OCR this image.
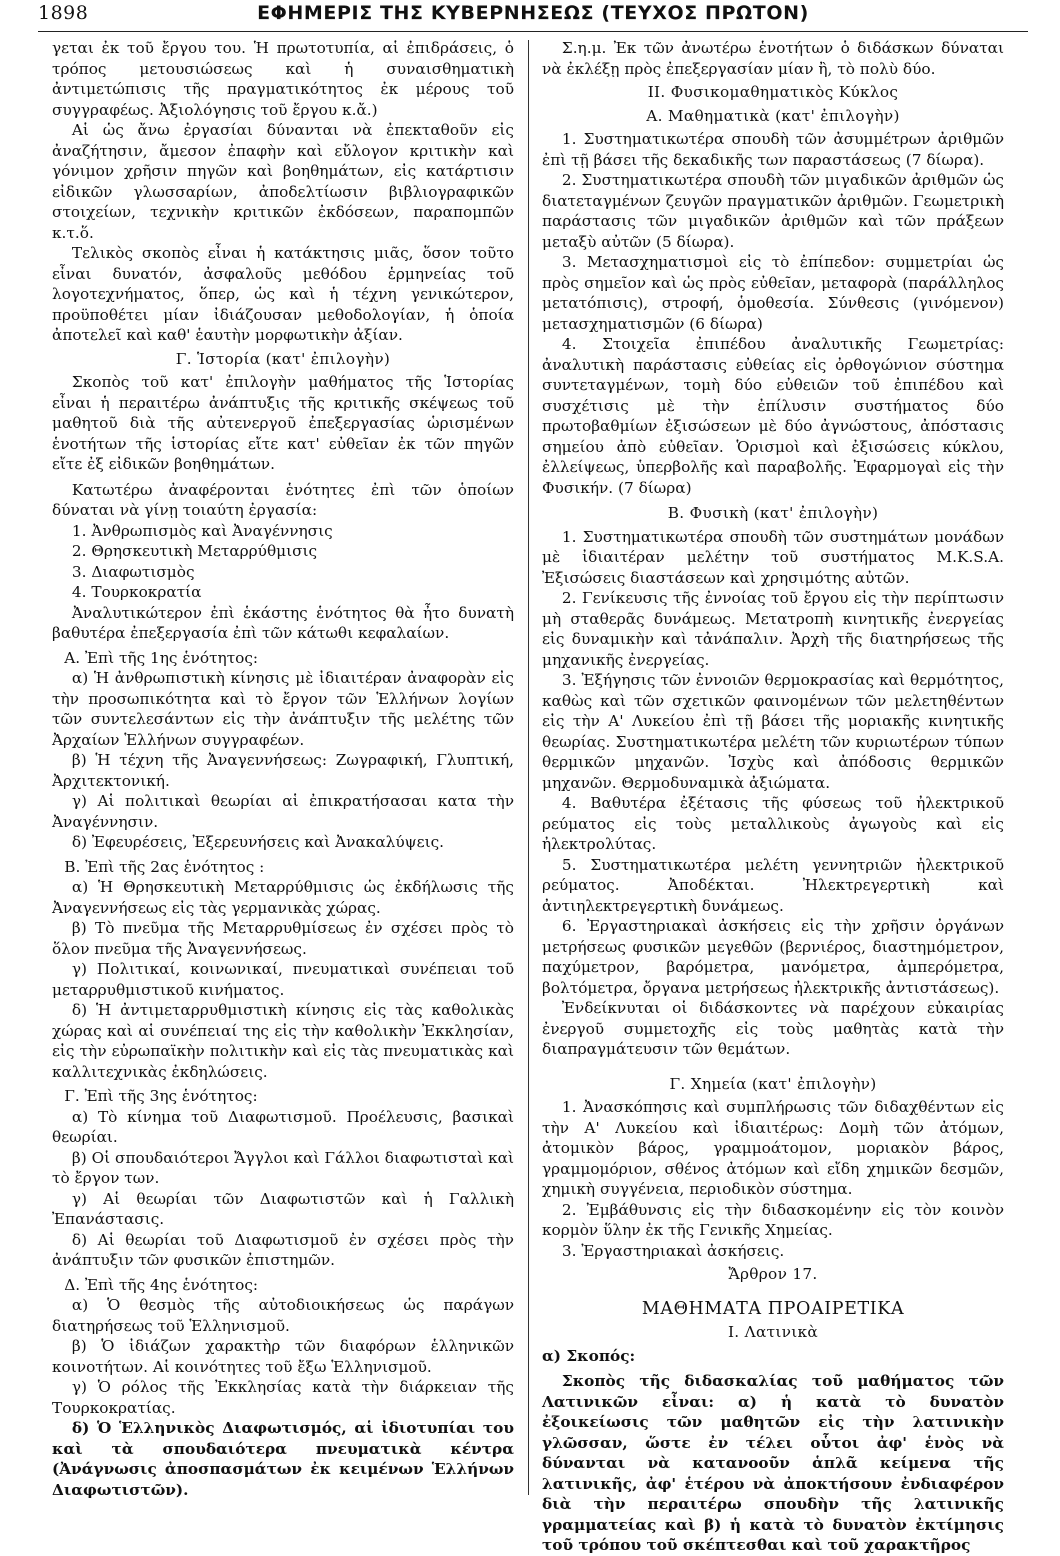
1898	ΕΦΗΜΕΡΙΣ ΤΗΣ ΚΥΒΕΡΝΗΣΕΩΣ (ΤΕΥΧΟΣ ΠΡΩΤΟΝ)

γεται ἐκ τοῦ ἔργου του. Ἡ πρωτοτυπία, αἱ ἐπιδράσεις, ὁ τρόπος μετουσιώσεως καὶ ἡ συναισθηματικὴ ἀντιμετώπισις τῆς πραγματικότητος ἐκ μέρους τοῦ συγγραφέως. Ἀξιολόγησις τοῦ ἔργου κ.ἄ.)

Αἱ ὡς ἄνω ἐργασίαι δύνανται νὰ ἐπεκταθοῦν εἰς ἀναζήτησιν, ἄμεσον ἐπαφὴν καὶ εὔλογον κριτικὴν καὶ γόνιμον χρῆσιν πηγῶν καὶ βοηθημάτων, εἰς κατάρτισιν εἰδικῶν γλωσσαρίων, ἀποδελτίωσιν βιβλιογραφικῶν στοιχείων, τεχνικὴν κριτικῶν ἐκδόσεων, παραπομπῶν κ.τ.ὅ.

Τελικὸς σκοπὸς εἶναι ἡ κατάκτησις μιᾶς, ὅσον τοῦτο εἶναι δυνατόν, ἀσφαλοῦς μεθόδου ἑρμηνείας τοῦ λογοτεχνήματος, ὅπερ, ὡς καὶ ἡ τέχνη γενικώτερον, προϋποθέτει μίαν ἰδιάζουσαν μεθοδολογίαν, ἡ ὁποία ἀποτελεῖ καὶ καθ' ἑαυτὴν μορφωτικὴν ἀξίαν.

Γ. Ἱστορία (κατ' ἐπιλογὴν)

Σκοπὸς τοῦ κατ' ἐπιλογὴν μαθήματος τῆς Ἱστορίας εἶναι ἡ περαιτέρω ἀνάπτυξις τῆς κριτικῆς σκέψεως τοῦ μαθητοῦ διὰ τῆς αὐτενεργοῦ ἐπεξεργασίας ὡρισμένων ἑνοτήτων τῆς ἱστορίας εἴτε κατ' εὐθεῖαν ἐκ τῶν πηγῶν εἴτε ἐξ εἰδικῶν βοηθημάτων.

Κατωτέρω ἀναφέρονται ἑνότητες ἐπὶ τῶν ὁποίων δύναται νὰ γίνῃ τοιαύτη ἐργασία:

1. Ἀνθρωπισμὸς καὶ Ἀναγέννησις

2. Θρησκευτικὴ Μεταρρύθμισις

3. Διαφωτισμὸς

4. Τουρκοκρατία

Ἀναλυτικώτερον ἐπὶ ἑκάστης ἑνότητος θὰ ἦτο δυνατὴ βαθυτέρα ἐπεξεργασία ἐπὶ τῶν κάτωθι κεφαλαίων.

Α. Ἐπὶ τῆς 1ης ἑνότητος:

α) Ἡ ἀνθρωπιστικὴ κίνησις μὲ ἰδιαιτέραν ἀναφορὰν εἰς τὴν προσωπικότητα καὶ τὸ ἔργον τῶν Ἑλλήνων λογίων τῶν συντελεσάντων εἰς τὴν ἀνάπτυξιν τῆς μελέτης τῶν Ἀρχαίων Ἑλλήνων συγγραφέων.

β) Ἡ τέχνη τῆς Ἀναγεννήσεως: Ζωγραφική, Γλυπτική, Ἀρχιτεκτονική.

γ) Αἱ πολιτικαὶ θεωρίαι αἱ ἐπικρατήσασαι κατα τὴν Ἀναγέννησιν.

δ) Ἐφευρέσεις, Ἐξερευνήσεις καὶ Ἀνακαλύψεις.

Β. Ἐπὶ τῆς 2ας ἑνότητος :

α) Ἡ Θρησκευτικὴ Μεταρρύθμισις ὡς ἐκδήλωσις τῆς Ἀναγεννήσεως εἰς τὰς γερμανικὰς χώρας.

β) Τὸ πνεῦμα τῆς Μεταρρυθμίσεως ἐν σχέσει πρὸς τὸ ὅλον πνεῦμα τῆς Ἀναγεννήσεως.

γ) Πολιτικαί, κοινωνικαί, πνευματικαὶ συνέπειαι τοῦ μεταρρυθμιστικοῦ κινήματος.

δ) Ἡ ἀντιμεταρρυθμιστικὴ κίνησις εἰς τὰς καθολικὰς χώρας καὶ αἱ συνέπειαί της εἰς τὴν καθολικὴν Ἐκκλησίαν, εἰς τὴν εὐρωπαϊκὴν πολιτικὴν καὶ εἰς τὰς πνευματικὰς καὶ καλλιτεχνικὰς ἐκδηλώσεις.

Γ. Ἐπὶ τῆς 3ης ἑνότητος:

α) Τὸ κίνημα τοῦ Διαφωτισμοῦ. Προέλευσις, βασικαὶ θεωρίαι.

β) Οἱ σπουδαιότεροι Ἄγγλοι καὶ Γάλλοι διαφωτισταὶ καὶ τὸ ἔργον των.

γ) Αἱ θεωρίαι τῶν Διαφωτιστῶν καὶ ἡ Γαλλικὴ Ἐπανάστασις.

δ) Αἱ θεωρίαι τοῦ Διαφωτισμοῦ ἐν σχέσει πρὸς τὴν ἀνάπτυξιν τῶν φυσικῶν ἐπιστημῶν.

Δ. Ἐπὶ τῆς 4ης ἑνότητος:

α) Ὁ θεσμὸς τῆς αὐτοδιοικήσεως ὡς παράγων διατηρήσεως τοῦ Ἑλληνισμοῦ.

β) Ὁ ἰδιάζων χαρακτὴρ τῶν διαφόρων ἑλληνικῶν κοινοτήτων. Αἱ κοινότητες τοῦ ἔξω Ἑλληνισμοῦ.

γ) Ὁ ρόλος τῆς Ἐκκλησίας κατὰ τὴν διάρκειαν τῆς Τουρκοκρατίας.

δ) Ὁ Ἑλληνικὸς Διαφωτισμός, αἱ ἰδιοτυπίαι του καὶ τὰ σπουδαιότερα πνευματικὰ κέντρα (Ἀνάγνωσις ἀποσπασμάτων ἐκ κειμένων Ἑλλήνων Διαφωτιστῶν).

Σ.η.μ. Ἐκ τῶν ἀνωτέρω ἑνοτήτων ὁ διδάσκων δύναται νὰ ἐκλέξῃ πρὸς ἐπεξεργασίαν μίαν ἢ, τὸ πολὺ δύο.

ΙΙ. Φυσικομαθηματικὸς Κύκλος

Α. Μαθηματικὰ (κατ' ἐπιλογὴν)

1. Συστηματικωτέρα σπουδὴ τῶν ἀσυμμέτρων ἀριθμῶν ἐπὶ τῇ βάσει τῆς δεκαδικῆς των παραστάσεως (7 δίωρα).

2. Συστηματικωτέρα σπουδὴ τῶν μιγαδικῶν ἀριθμῶν ὡς διατεταγμένων ζευγῶν πραγματικῶν ἀριθμῶν. Γεωμετρικὴ παράστασις τῶν μιγαδικῶν ἀριθμῶν καὶ τῶν πράξεων μεταξὺ αὐτῶν (5 δίωρα).

3. Μετασχηματισμοὶ εἰς τὸ ἐπίπεδον: συμμετρίαι ὡς πρὸς σημεῖον καὶ ὡς πρὸς εὐθεῖαν, μεταφορὰ (παράλληλος μετατόπισις), στροφή, ὁμοθεσία. Σύνθεσις (γινόμενον) μετασχηματισμῶν (6 δίωρα)

4. Στοιχεῖα ἐπιπέδου ἀναλυτικῆς Γεωμετρίας: ἀναλυτικὴ παράστασις εὐθείας εἰς ὀρθογώνιον σύστημα συντεταγμένων, τομὴ δύο εὐθειῶν τοῦ ἐπιπέδου καὶ συσχέτισις μὲ τὴν ἐπίλυσιν συστήματος δύο πρωτοβαθμίων ἐξισώσεων μὲ δύο ἀγνώστους, ἀπόστασις σημείου ἀπὸ εὐθεῖαν. Ὁρισμοὶ καὶ ἐξισώσεις κύκλου, ἐλλείψεως, ὑπερβολῆς καὶ παραβολῆς. Ἐφαρμογαὶ εἰς τὴν Φυσικήν. (7 δίωρα)

Β. Φυσικὴ (κατ' ἐπιλογὴν)

1. Συστηματικωτέρα σπουδὴ τῶν συστημάτων μονάδων μὲ ἰδιαιτέραν μελέτην τοῦ συστήματος M.K.S.A. Ἐξισώσεις διαστάσεων καὶ χρησιμότης αὐτῶν.

2. Γενίκευσις τῆς ἐννοίας τοῦ ἔργου εἰς τὴν περίπτωσιν μὴ σταθερᾶς δυνάμεως. Μετατροπὴ κινητικῆς ἐνεργείας εἰς δυναμικὴν καὶ τἀνάπαλιν. Ἀρχὴ τῆς διατηρήσεως τῆς μηχανικῆς ἐνεργείας.

3. Ἐξήγησις τῶν ἐννοιῶν θερμοκρασίας καὶ θερμότητος, καθὼς καὶ τῶν σχετικῶν φαινομένων τῶν μελετηθέντων εἰς τὴν Α' Λυκείου ἐπὶ τῇ βάσει τῆς μοριακῆς κινητικῆς θεωρίας. Συστηματικωτέρα μελέτη τῶν κυριωτέρων τύπων θερμικῶν μηχανῶν. Ἰσχὺς καὶ ἀπόδοσις θερμικῶν μηχανῶν. Θερμοδυναμικὰ ἀξιώματα.

4. Βαθυτέρα ἐξέτασις τῆς φύσεως τοῦ ἠλεκτρικοῦ ρεύματος εἰς τοὺς μεταλλικοὺς ἀγωγοὺς καὶ εἰς ἠλεκτρολύτας.

5. Συστηματικωτέρα μελέτη γεννητριῶν ἠλεκτρικοῦ ρεύματος. Ἀποδέκται. Ἠλεκτρεγερτικὴ καὶ ἀντιηλεκτρεγερτικὴ δυνάμεως.

6. Ἐργαστηριακαὶ ἀσκήσεις εἰς τὴν χρῆσιν ὀργάνων μετρήσεως φυσικῶν μεγεθῶν (βερνιέρος, διαστημόμετρον, παχύμετρον, βαρόμετρα, μανόμετρα, ἀμπερόμετρα, βολτόμετρα, ὄργανα μετρήσεως ἠλεκτρικῆς ἀντιστάσεως).

Ἐνδείκνυται οἱ διδάσκοντες νὰ παρέχουν εὐκαιρίας ἐνεργοῦ συμμετοχῆς εἰς τοὺς μαθητὰς κατὰ τὴν διαπραγμάτευσιν τῶν θεμάτων.

Γ. Χημεία (κατ' ἐπιλογὴν)

1. Ἀνασκόπησις καὶ συμπλήρωσις τῶν διδαχθέντων εἰς τὴν Α' Λυκείου καὶ ἰδιαιτέρως: Δομὴ τῶν ἀτόμων, ἀτομικὸν βάρος, γραμμοάτομον, μοριακὸν βάρος, γραμμομόριον, σθένος ἀτόμων καὶ εἴδη χημικῶν δεσμῶν, χημικὴ συγγένεια, περιοδικὸν σύστημα.

2. Ἐμβάθυνσις εἰς τὴν διδασκομένην εἰς τὸν κοινὸν κορμὸν ὕλην ἐκ τῆς Γενικῆς Χημείας.

3. Ἐργαστηριακαὶ ἀσκήσεις.

Ἄρθρον 17.

ΜΑΘΗΜΑΤΑ ΠΡΟΑΙΡΕΤΙΚΑ

Ι. Λατινικὰ

α) Σκοπός:

Σκοπὸς τῆς διδασκαλίας τοῦ μαθήματος τῶν Λατινικῶν εἶναι: α) ἡ κατὰ τὸ δυνατὸν ἐξοικείωσις τῶν μαθητῶν εἰς τὴν λατινικὴν γλῶσσαν, ὥστε ἐν τέλει οὗτοι ἀφ' ἑνὸς νὰ δύνανται νὰ κατανοοῦν ἁπλᾶ κείμενα τῆς λατινικῆς, ἀφ' ἑτέρου νὰ ἀποκτήσουν ἐνδιαφέρον διὰ τὴν περαιτέρω σπουδὴν τῆς λατινικῆς γραμματείας καὶ β) ἡ κατὰ τὸ δυνατὸν ἐκτίμησις τοῦ τρόπου τοῦ σκέπτεσθαι καὶ τοῦ χαρακτῆρος
